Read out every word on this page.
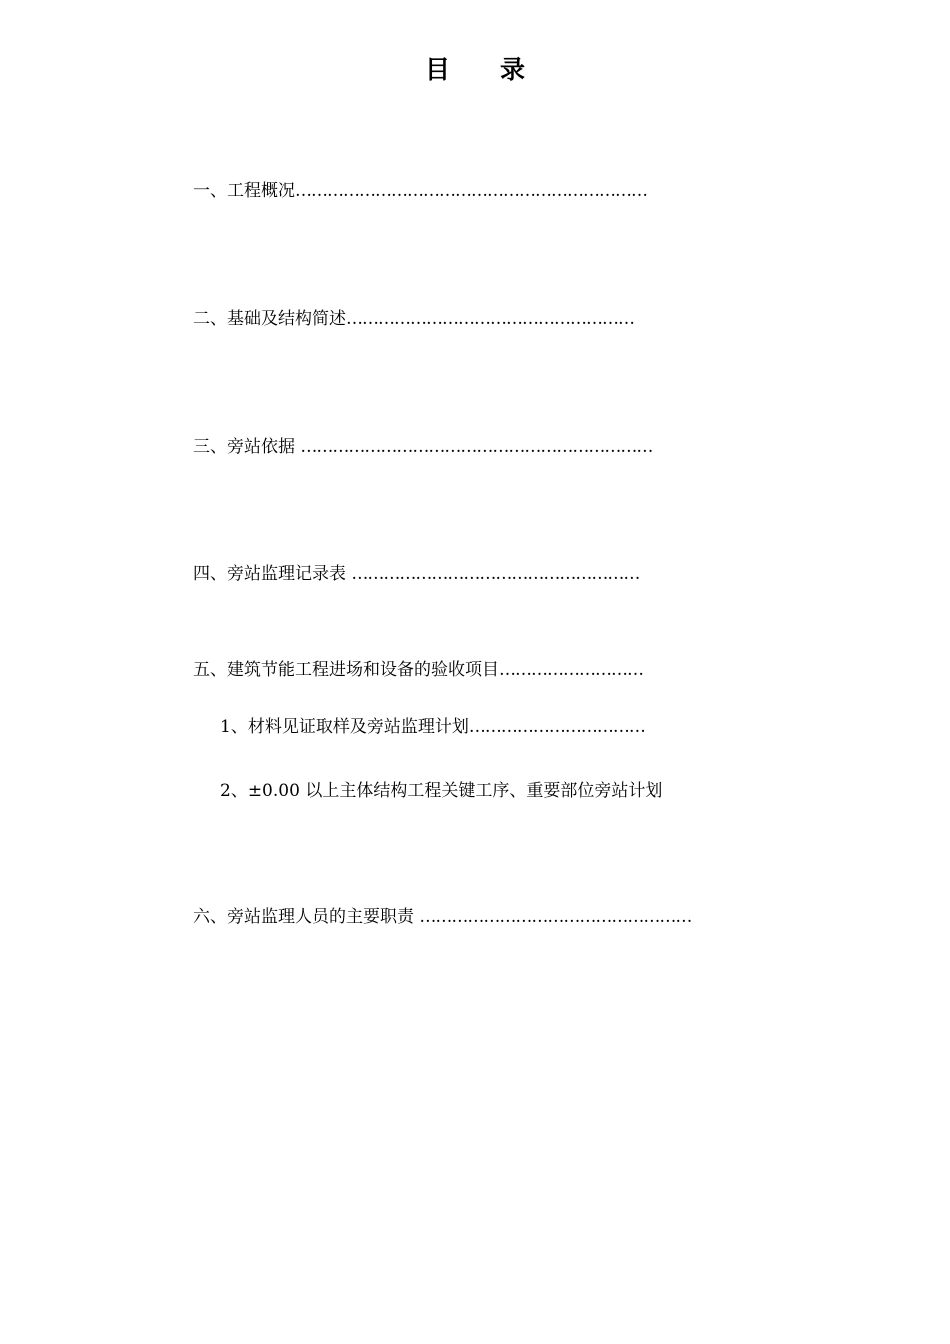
目 录
一、工程概况…………………………………………………………
二、基础及结构简述………………………………………………
三、旁站依据 …………………………………………………………
四、旁站监理记录表 ………………………………………………
五、建筑节能工程进场和设备的验收项目………………………
1、材料见证取样及旁站监理计划……………………………
2、±0.00 以上主体结构工程关键工序、重要部位旁站计划
六、旁站监理人员的主要职责 ……………………………………………
